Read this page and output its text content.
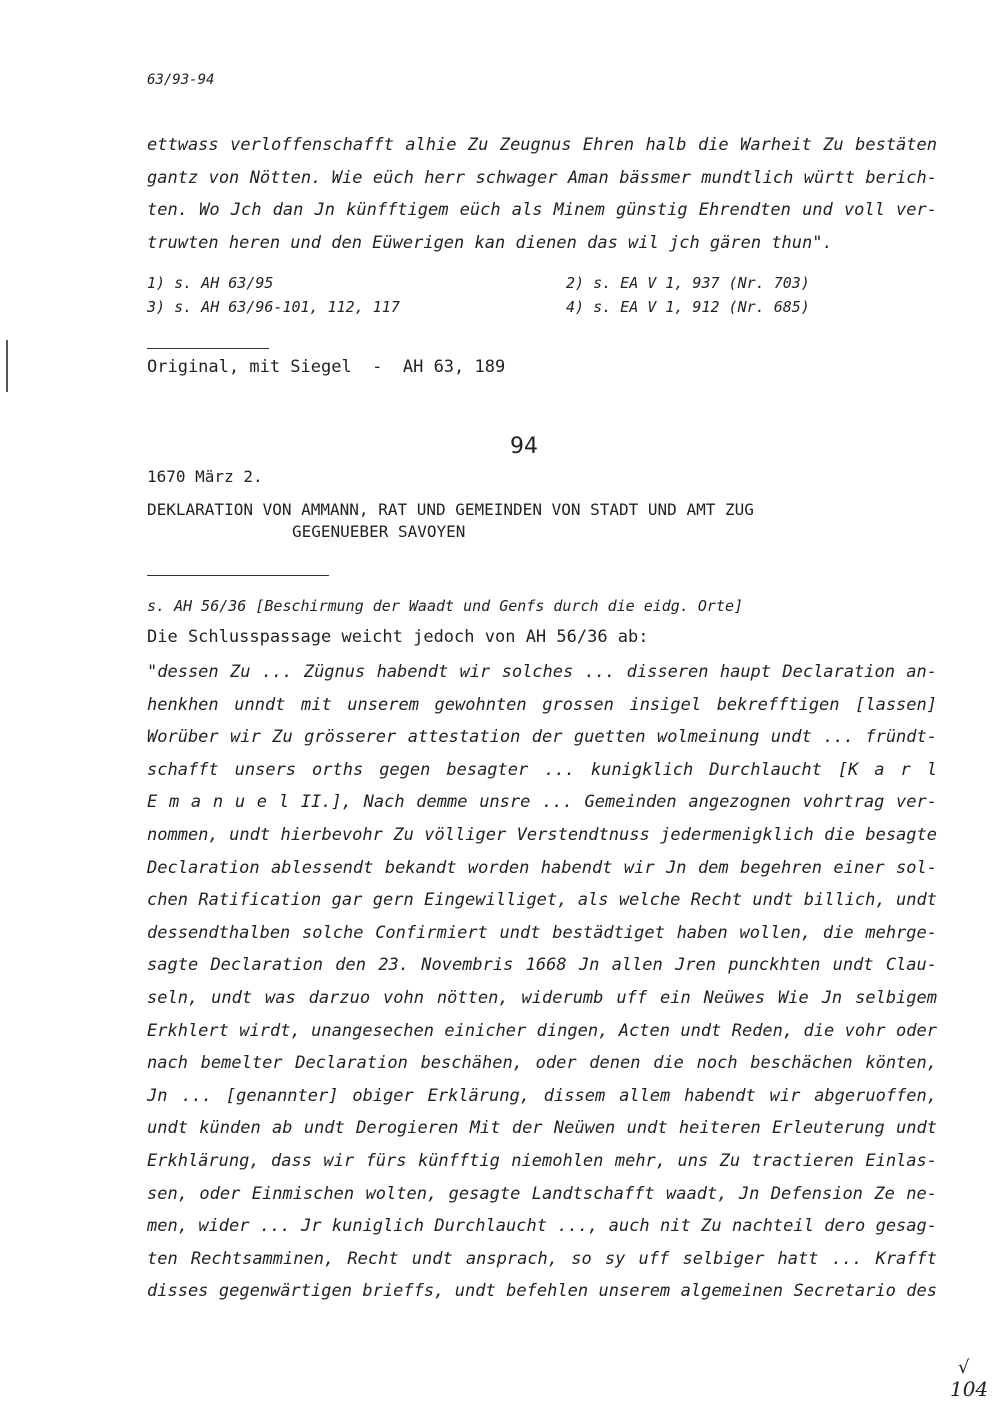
63/93-94
ettwass verloffenschafft alhie Zu Zeugnus Ehren halb die Warheit Zu bestäten
gantz von Nötten. Wie eüch herr schwager Aman bässmer mundtlich württ berich-
ten. Wo Jch dan Jn künfftigem eüch als Minem günstig Ehrendten und voll ver-
truwten heren und den Eüwerigen kan dienen das wil jch gären thun".
1) s. AH 63/95	2) s. EA V 1, 937 (Nr. 703)
3) s. AH 63/96-101, 112, 117	4) s. EA V 1, 912 (Nr. 685)
Original, mit Siegel  -  AH 63, 189
94
1670 März 2.
DEKLARATION VON AMMANN, RAT UND GEMEINDEN VON STADT UND AMT ZUG
GEGENUEBER SAVOYEN
s. AH 56/36 [Beschirmung der Waadt und Genfs durch die eidg. Orte]
Die Schlusspassage weicht jedoch von AH 56/36 ab:
"dessen Zu ... Zügnus habendt wir solches ... disseren haupt Declaration an-
henkhen unndt mit unserem gewohnten grossen insigel bekrefftigen [lassen]
Worüber wir Zu grösserer attestation der guetten wolmeinung undt ... fründt-
schafft unsers orths gegen besagter ... kunigklich Durchlaucht [K a r l
E m a n u e l II.], Nach demme unsre ... Gemeinden angezognen vohrtrag ver-
nommen, undt hierbevohr Zu völliger Verstendtnuss jedermenigklich die besagte
Declaration ablessendt bekandt worden habendt wir Jn dem begehren einer sol-
chen Ratification gar gern Eingewilliget, als welche Recht undt billich, undt
dessendthalben solche Confirmiert undt bestädtiget haben wollen, die mehrge-
sagte Declaration den 23. Novembris 1668 Jn allen Jren punckhten undt Clau-
seln, undt was darzuo vohn nötten, widerumb uff ein Neüwes Wie Jn selbigem
Erkhlert wirdt, unangesechen einicher dingen, Acten undt Reden, die vohr oder
nach bemelter Declaration beschähen, oder denen die noch beschächen könten,
Jn ... [genannter] obiger Erklärung, dissem allem habendt wir abgeruoffen,
undt künden ab undt Derogieren Mit der Neüwen undt heiteren Erleuterung undt
Erkhlärung, dass wir fürs künfftig niemohlen mehr, uns Zu tractieren Einlas-
sen, oder Einmischen wolten, gesagte Landtschafft waadt, Jn Defension Ze ne-
men, wider ... Jr kuniglich Durchlaucht ..., auch nit Zu nachteil dero gesag-
ten Rechtsamminen, Recht undt ansprach, so sy uff selbiger hatt ... Krafft
disses gegenwärtigen brieffs, undt befehlen unserem algemeinen Secretario des
√
104
